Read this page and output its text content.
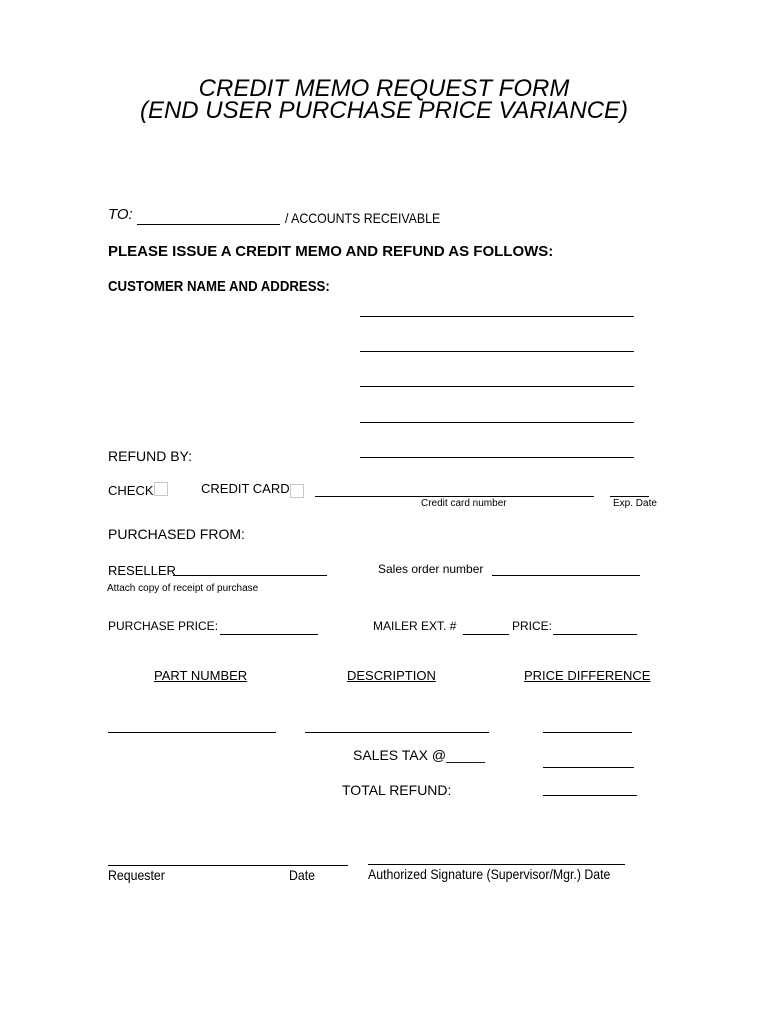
CREDIT MEMO REQUEST FORM
(END USER PURCHASE PRICE VARIANCE)
TO:	/ ACCOUNTS RECEIVABLE
PLEASE ISSUE A CREDIT MEMO AND REFUND AS FOLLOWS:
CUSTOMER NAME AND ADDRESS:
REFUND BY:
CHECK	CREDIT CARD
Credit card number	Exp. Date
PURCHASED FROM:
RESELLER
Attach copy of receipt of purchase
Sales order number
PURCHASE PRICE:	MAILER EXT. #	PRICE:
PART NUMBER	DESCRIPTION	PRICE DIFFERENCE
SALES TAX @_____
TOTAL REFUND:
Requester	Date	Authorized Signature (Supervisor/Mgr.) Date
